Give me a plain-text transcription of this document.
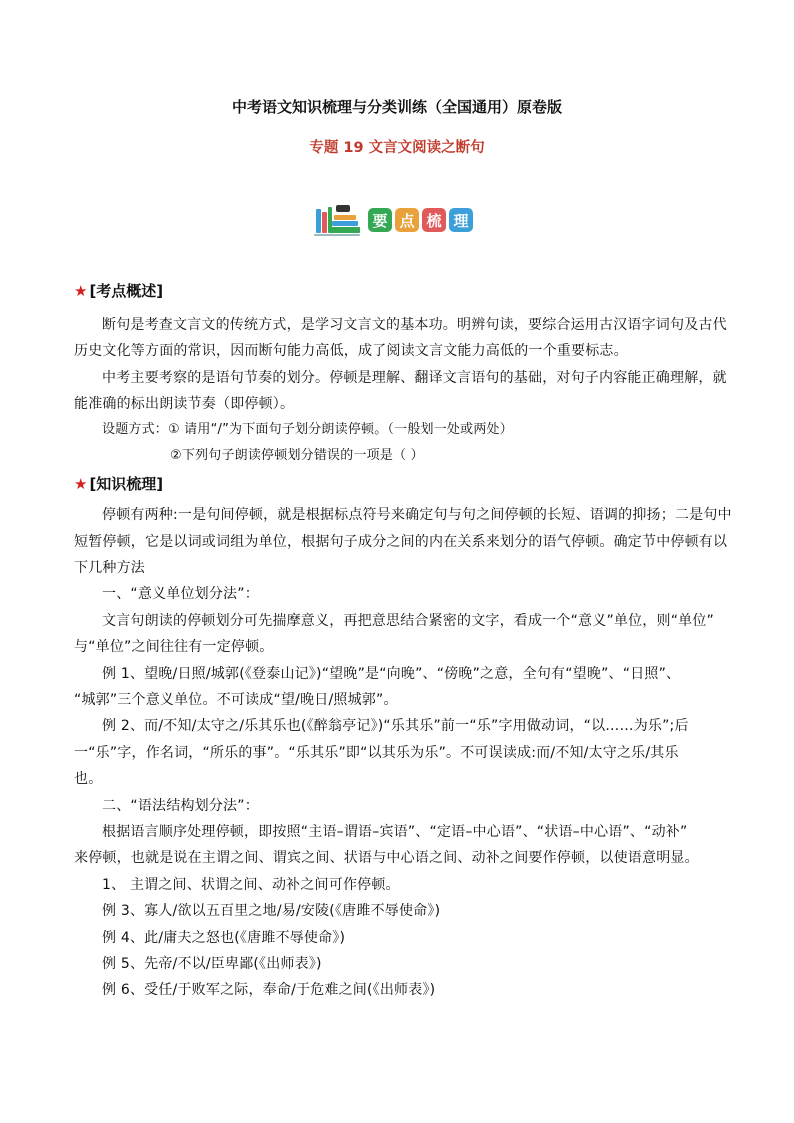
中考语文知识梳理与分类训练（全国通用）原卷版
专题 19 文言文阅读之断句
要 点 梳 理
★ [考点概述]
断句是考查文言文的传统方式，是学习文言文的基本功。明辨句读，要综合运用古汉语字词句及古代
历史文化等方面的常识，因而断句能力高低，成了阅读文言文能力高低的一个重要标志。
中考主要考察的是语句节奏的划分。停顿是理解、翻译文言语句的基础，对句子内容能正确理解，就
能准确的标出朗读节奏（即停顿）。
设题方式：① 请用“/”为下面句子划分朗读停顿。（一般划一处或两处）
②下列句子朗读停顿划分错误的一项是（ ）
★ [知识梳理]
停顿有两种:一是句间停顿，就是根据标点符号来确定句与句之间停顿的长短、语调的抑扬；二是句中
短暂停顿，它是以词或词组为单位，根据句子成分之间的内在关系来划分的语气停顿。确定节中停顿有以
下几种方法
一、“意义单位划分法”：
文言句朗读的停顿划分可先揣摩意义，再把意思结合紧密的文字，看成一个“意义”单位，则“单位”
与“单位”之间往往有一定停顿。
例 1、望晚/日照/城郭(《登泰山记》)“望晚”是“向晚”、“傍晚”之意，全句有“望晚”、“日照”、
“城郭”三个意义单位。不可读成“望/晚日/照城郭”。
例 2、而/不知/太守之/乐其乐也(《醉翁亭记》)“乐其乐”前一“乐”字用做动词，“以……为乐”;后
一“乐”字，作名词，“所乐的事”。“乐其乐”即“以其乐为乐”。不可误读成:而/不知/太守之乐/其乐
也。
二、“语法结构划分法”：
根据语言顺序处理停顿，即按照“主语–谓语–宾语”、“定语–中心语”、“状语–中心语”、“动补”
来停顿，也就是说在主谓之间、谓宾之间、状语与中心语之间、动补之间要作停顿，以使语意明显。
1、 主谓之间、状谓之间、动补之间可作停顿。
例 3、寡人/欲以五百里之地/易/安陵(《唐雎不辱使命》)
例 4、此/庸夫之怒也(《唐雎不辱使命》)
例 5、先帝/不以/臣卑鄙(《出师表》)
例 6、受任/于败军之际，奉命/于危难之间(《出师表》)
